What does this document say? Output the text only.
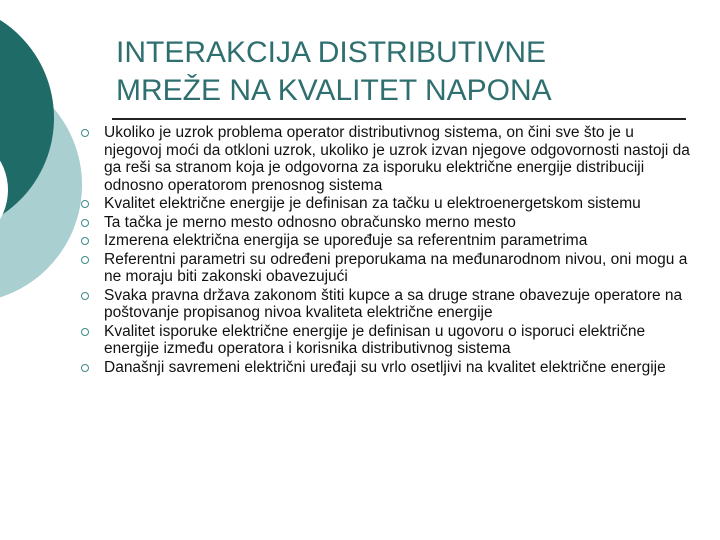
INTERAKCIJA DISTRIBUTIVNE
MREŽE NA KVALITET NAPONA
Ukoliko je uzrok problema operator distributivnog sistema, on čini sve što je u njegovoj moći da otkloni uzrok, ukoliko je uzrok izvan njegove odgovornosti nastoji da ga reši sa stranom koja je odgovorna za isporuku električne energije distribuciji odnosno operatorom prenosnog sistema
Kvalitet električne energije je definisan za tačku u elektroenergetskom sistemu
Ta tačka je merno mesto odnosno obračunsko merno mesto
Izmerena električna energija se upoređuje sa referentnim parametrima
Referentni parametri su određeni preporukama na međunarodnom nivou, oni mogu a ne moraju biti zakonski obavezujući
Svaka pravna država zakonom štiti kupce a sa druge strane obavezuje operatore na poštovanje propisanog nivoa kvaliteta električne energije
Kvalitet isporuke električne energije je definisan u ugovoru o isporuci električne energije između operatora i korisnika distributivnog sistema
Današnji savremeni električni uređaji su vrlo osetljivi na kvalitet električne energije
